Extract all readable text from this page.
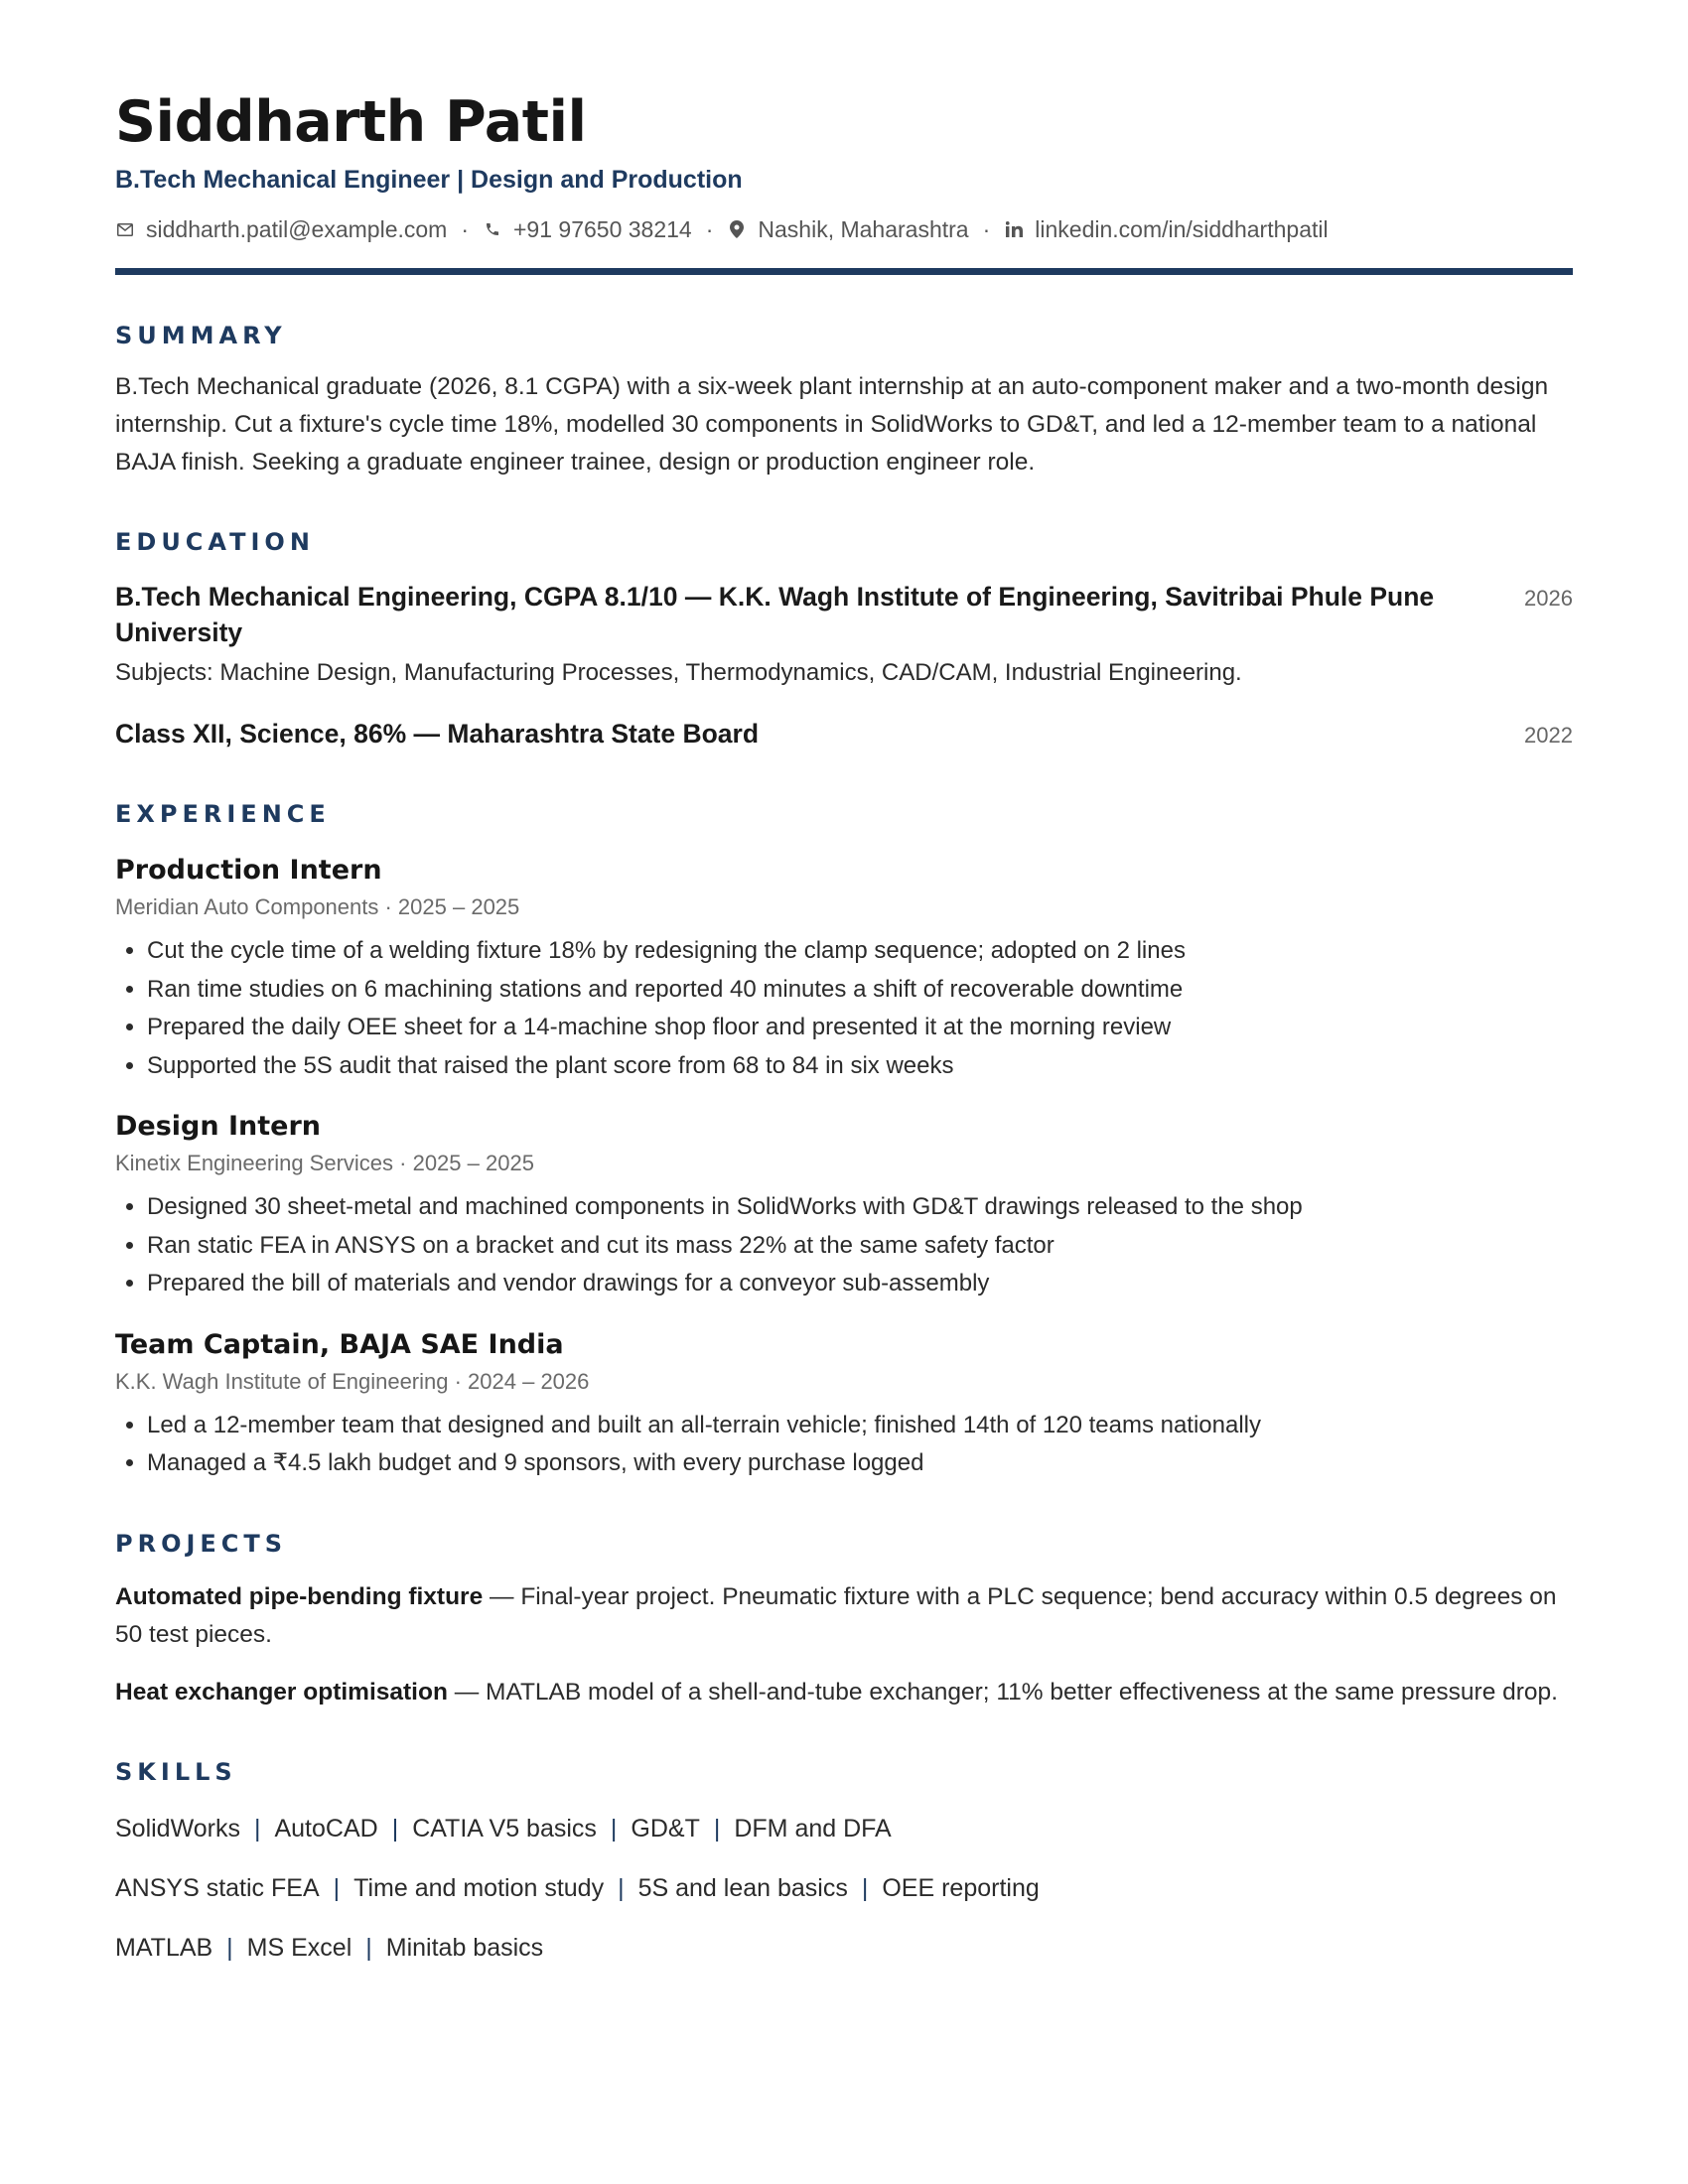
Siddharth Patil
B.Tech Mechanical Engineer | Design and Production
siddharth.patil@example.com · +91 97650 38214 · Nashik, Maharashtra · linkedin.com/in/siddharthpatil
SUMMARY
B.Tech Mechanical graduate (2026, 8.1 CGPA) with a six-week plant internship at an auto-component maker and a two-month design internship. Cut a fixture's cycle time 18%, modelled 30 components in SolidWorks to GD&T, and led a 12-member team to a national BAJA finish. Seeking a graduate engineer trainee, design or production engineer role.
EDUCATION
B.Tech Mechanical Engineering, CGPA 8.1/10 — K.K. Wagh Institute of Engineering, Savitribai Phule Pune University
2026
Subjects: Machine Design, Manufacturing Processes, Thermodynamics, CAD/CAM, Industrial Engineering.
Class XII, Science, 86% — Maharashtra State Board	2022
EXPERIENCE
Production Intern
Meridian Auto Components · 2025 – 2025
• Cut the cycle time of a welding fixture 18% by redesigning the clamp sequence; adopted on 2 lines
• Ran time studies on 6 machining stations and reported 40 minutes a shift of recoverable downtime
• Prepared the daily OEE sheet for a 14-machine shop floor and presented it at the morning review
• Supported the 5S audit that raised the plant score from 68 to 84 in six weeks
Design Intern
Kinetix Engineering Services · 2025 – 2025
• Designed 30 sheet-metal and machined components in SolidWorks with GD&T drawings released to the shop
• Ran static FEA in ANSYS on a bracket and cut its mass 22% at the same safety factor
• Prepared the bill of materials and vendor drawings for a conveyor sub-assembly
Team Captain, BAJA SAE India
K.K. Wagh Institute of Engineering · 2024 – 2026
• Led a 12-member team that designed and built an all-terrain vehicle; finished 14th of 120 teams nationally
• Managed a ₹4.5 lakh budget and 9 sponsors, with every purchase logged
PROJECTS
Automated pipe-bending fixture — Final-year project. Pneumatic fixture with a PLC sequence; bend accuracy within 0.5 degrees on 50 test pieces.
Heat exchanger optimisation — MATLAB model of a shell-and-tube exchanger; 11% better effectiveness at the same pressure drop.
SKILLS
SolidWorks | AutoCAD | CATIA V5 basics | GD&T | DFM and DFA
ANSYS static FEA | Time and motion study | 5S and lean basics | OEE reporting
MATLAB | MS Excel | Minitab basics
